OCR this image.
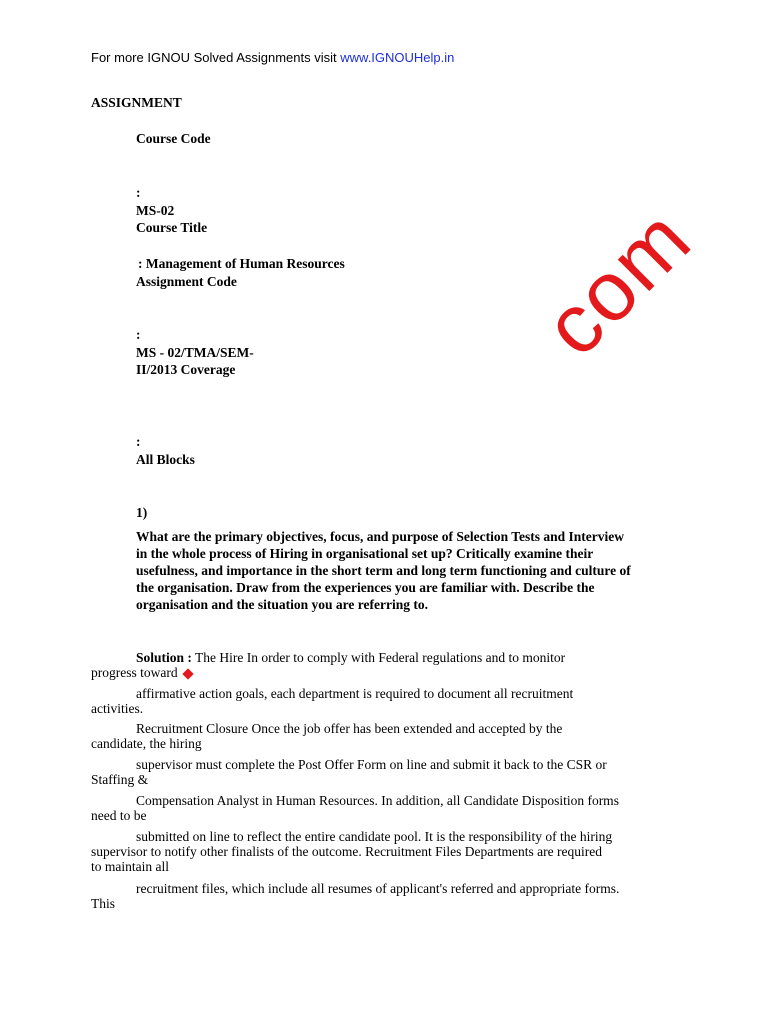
For more IGNOU Solved Assignments visit www.IGNOUHelp.in
ASSIGNMENT
Course Code
:
MS-02
Course Title
: Management of Human Resources
Assignment Code
:
MS - 02/TMA/SEM-
II/2013 Coverage
:
All Blocks
com
1)
What are the primary objectives, focus, and purpose of Selection Tests and Interview in the whole process of Hiring in organisational set up? Critically examine their usefulness, and importance in the short term and long term functioning and culture of the organisation. Draw from the experiences you are familiar with. Describe the organisation and the situation you are referring to.
Solution : The Hire In order to comply with Federal regulations and to monitor
progress toward
affirmative action goals, each department is required to document all recruitment
activities.
Recruitment Closure Once the job offer has been extended and accepted by the
candidate, the hiring
supervisor must complete the Post Offer Form on line and submit it back to the CSR or
Staffing &
Compensation Analyst in Human Resources. In addition, all Candidate Disposition forms
need to be
submitted on line to reflect the entire candidate pool. It is the responsibility of the hiring
supervisor to notify other finalists of the outcome. Recruitment Files Departments are required
to maintain all
recruitment files, which include all resumes of applicant's referred and appropriate forms.
This
